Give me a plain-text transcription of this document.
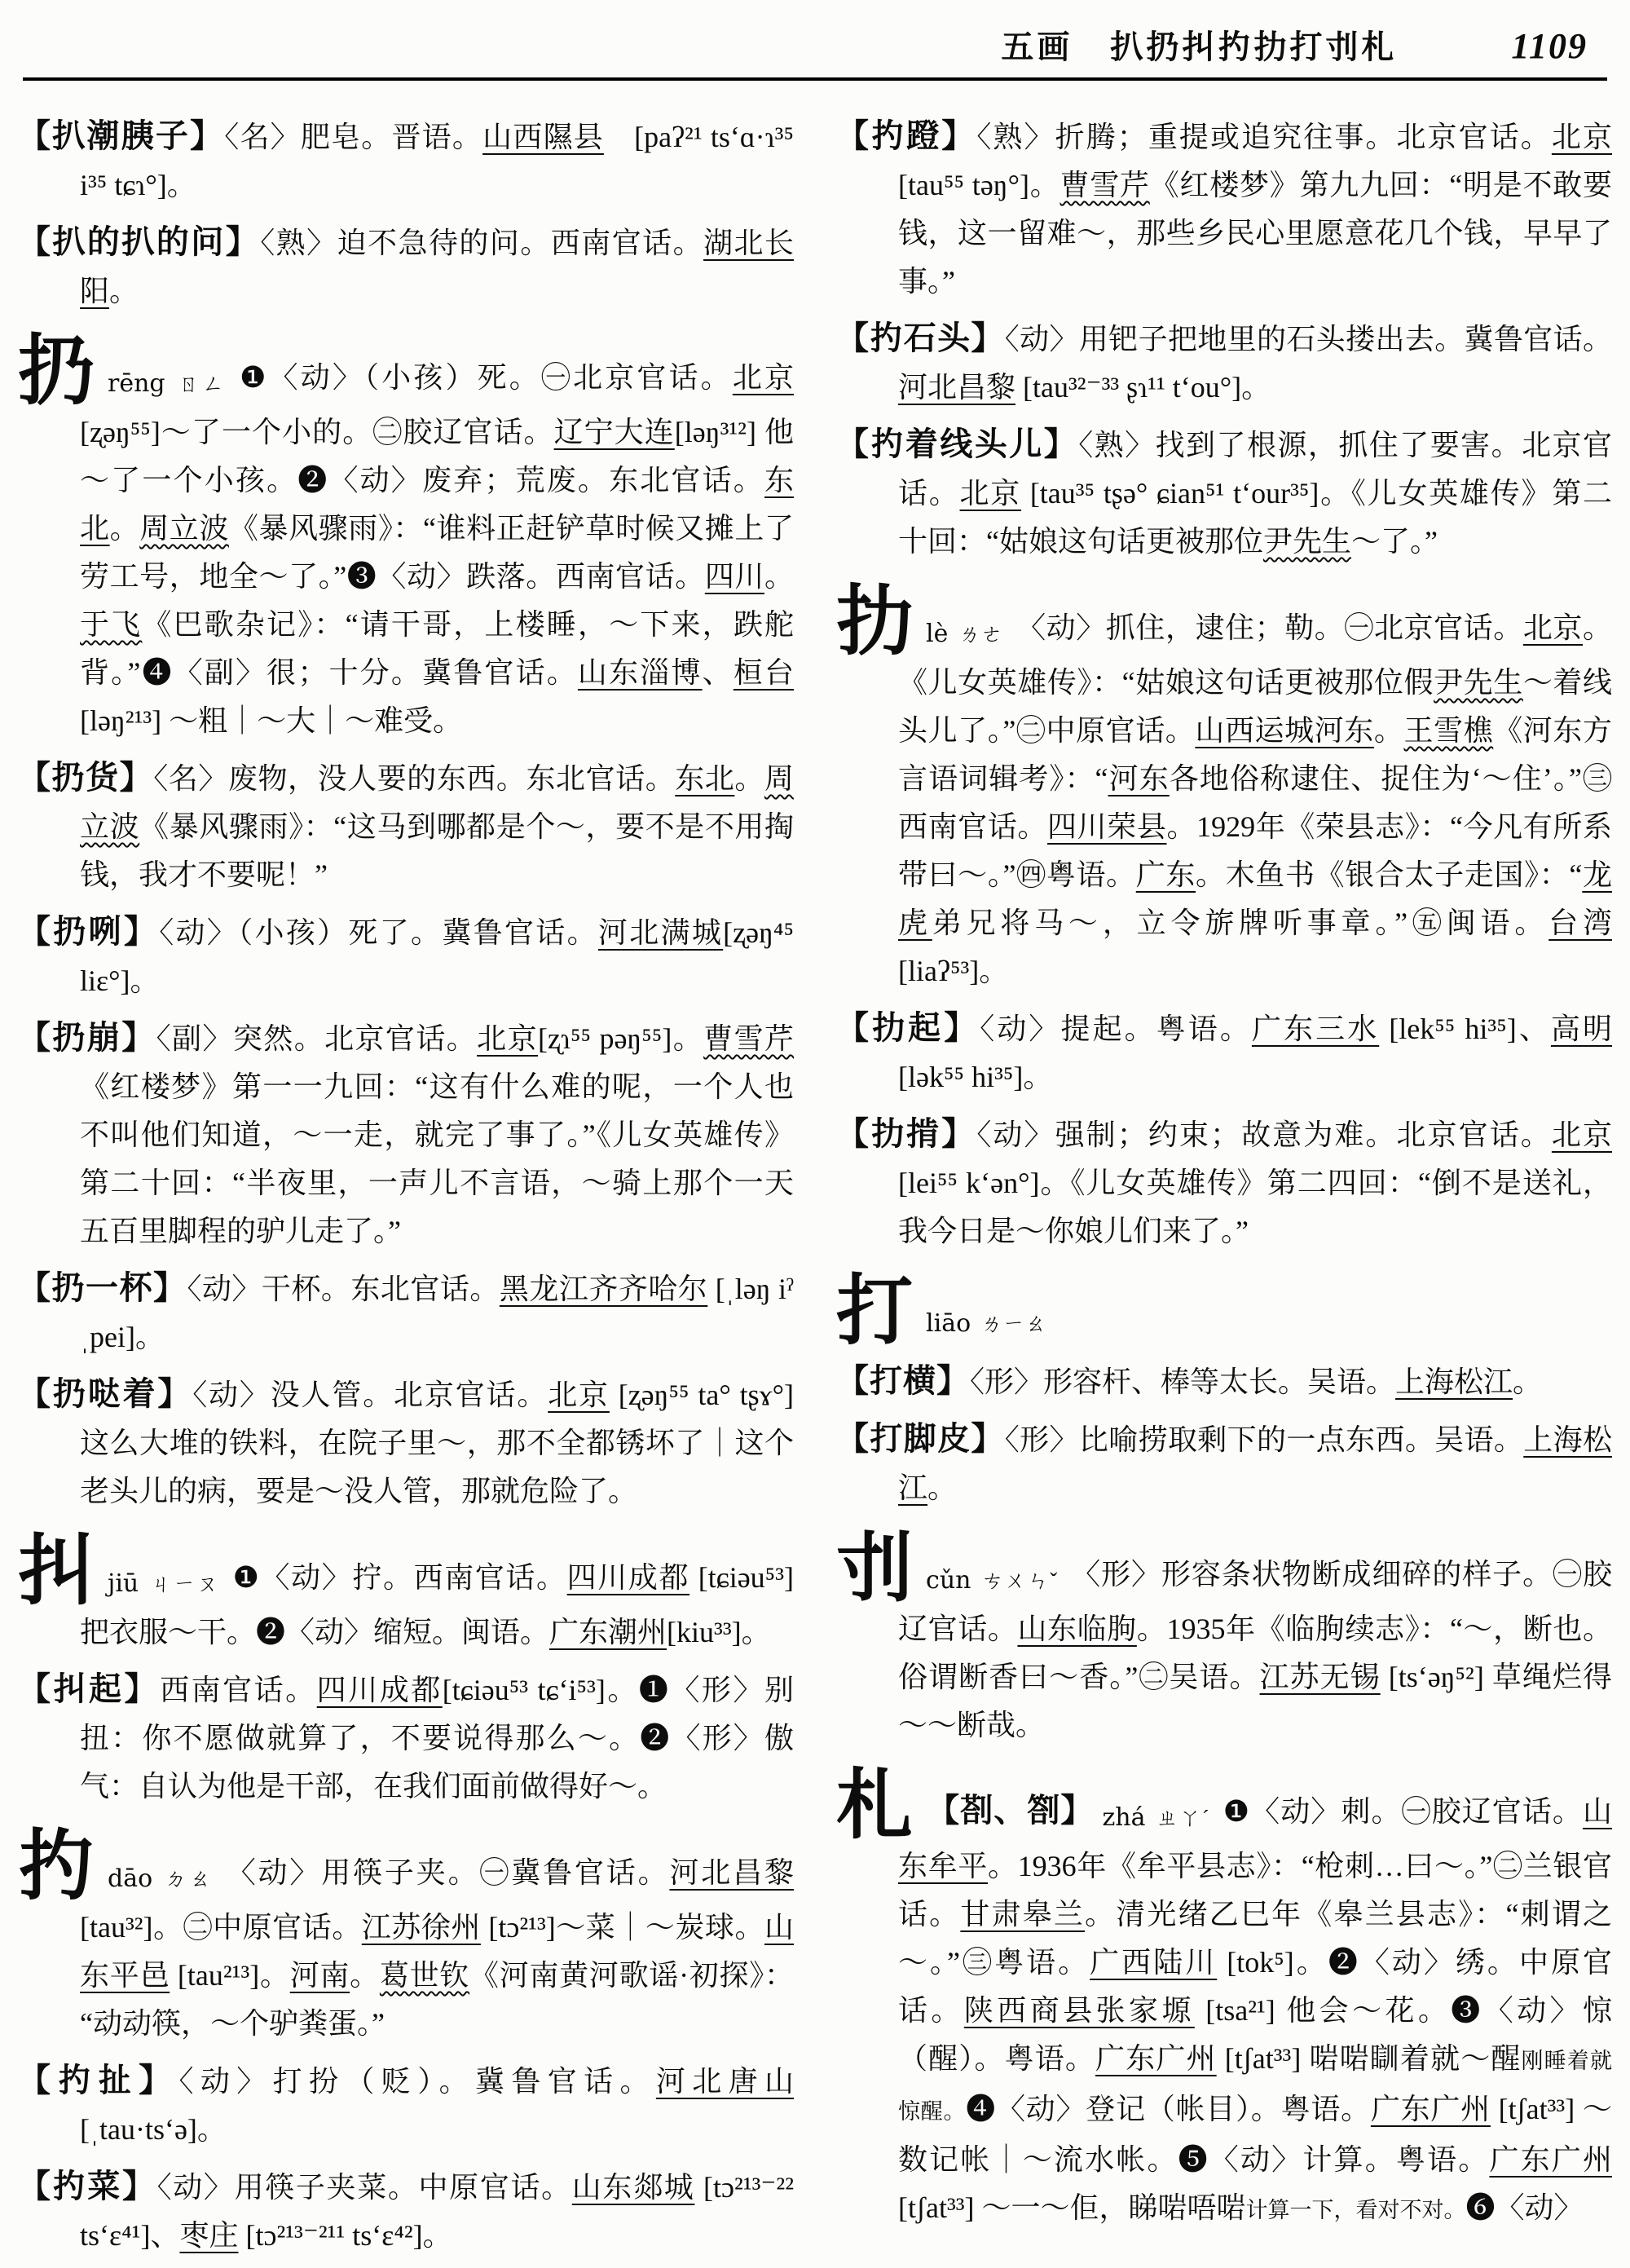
五画 扒扔㧃扚扐打刌札	1109
【扒潮胰子】〈名〉肥皂。晋语。山西隰县　[paʔ²¹ tsʻɑ·ɿ³⁵ i³⁵ tɕɿ°]。
【扒的扒的问】〈熟〉迫不急待的问。西南官话。湖北长阳。
扔rēng ㄖㄥ ❶〈动〉（小孩）死。㊀北京官话。北京 [ʐəŋ⁵⁵]～了一个小的。㊁胶辽官话。辽宁大连[ləŋ³¹²] 他～了一个小孩。❷〈动〉废弃；荒废。东北官话。东北。周立波《暴风骤雨》：“谁料正赶铲草时候又摊上了劳工号，地全～了。”❸〈动〉跌落。西南官话。四川。于飞《巴歌杂记》：“请干哥，上楼睡，～下来，跌舵背。”❹〈副〉很；十分。冀鲁官话。山东淄博、桓台 [ləŋ²¹³] ～粗｜～大｜～难受。
【扔货】〈名〉废物，没人要的东西。东北官话。东北。周立波《暴风骤雨》：“这马到哪都是个～，要不是不用掏钱，我才不要呢！”
【扔咧】〈动〉（小孩）死了。冀鲁官话。河北满城[ʐəŋ⁴⁵ liɛ°]。
【扔崩】〈副〉突然。北京官话。北京[ʐɿ⁵⁵ pəŋ⁵⁵]。曹雪芹《红楼梦》第一一九回：“这有什么难的呢，一个人也不叫他们知道，～一走，就完了事了。”《儿女英雄传》第二十回：“半夜里，一声儿不言语，～骑上那个一天五百里脚程的驴儿走了。”
【扔一杯】〈动〉干杯。东北官话。黑龙江齐齐哈尔 [ˌləŋ iˀ ˌpei]。
【扔哒着】〈动〉没人管。北京官话。北京 [ʐəŋ⁵⁵ ta° tʂɤ°] 这么大堆的铁料，在院子里～，那不全都锈坏了｜这个老头儿的病，要是～没人管，那就危险了。
㧃jiū ㄐㄧㄡ ❶〈动〉拧。西南官话。四川成都 [tɕiəu⁵³] 把衣服～干。❷〈动〉缩短。闽语。广东潮州[kiu³³]。
【㧃起】西南官话。四川成都[tɕiəu⁵³ tɕʻi⁵³]。❶〈形〉别扭：你不愿做就算了，不要说得那么～。❷〈形〉傲气：自认为他是干部，在我们面前做得好～。
扚dāo ㄉㄠ 〈动〉用筷子夹。㊀冀鲁官话。河北昌黎 [tau³²]。㊁中原官话。江苏徐州 [tɔ²¹³]～菜｜～炭球。山东平邑 [tau²¹³]。河南。葛世钦《河南黄河歌谣·初探》：“动动筷，～个驴粪蛋。”
【扚扯】〈动〉打扮（贬）。冀鲁官话。河北唐山 [ˌtau·tsʻə]。
【扚菜】〈动〉用筷子夹菜。中原官话。山东郯城 [tɔ²¹³⁻²² tsʻɛ⁴¹]、枣庄 [tɔ²¹³⁻²¹¹ tsʻɛ⁴²]。
【扚蹬】〈熟〉折腾；重提或追究往事。北京官话。北京 [tau⁵⁵ təŋ°]。曹雪芹《红楼梦》第九九回：“明是不敢要钱，这一留难～，那些乡民心里愿意花几个钱，早早了事。”
【扚石头】〈动〉用钯子把地里的石头搂出去。冀鲁官话。河北昌黎 [tau³²⁻³³ ʂɿ¹¹ tʻou°]。
【扚着线头儿】〈熟〉找到了根源，抓住了要害。北京官话。北京 [tau³⁵ tʂə° ɕian⁵¹ tʻour³⁵]。《儿女英雄传》第二十回：“姑娘这句话更被那位尹先生～了。”
扐lè ㄌㄜ 〈动〉抓住，逮住；勒。㊀北京官话。北京。《儿女英雄传》：“姑娘这句话更被那位假尹先生～着线头儿了。”㊁中原官话。山西运城河东。王雪樵《河东方言语词辑考》：“河东各地俗称逮住、捉住为‘～住’。”㊂西南官话。四川荣县。1929年《荣县志》：“今凡有所系带曰～。”㊃粤语。广东。木鱼书《银合太子走国》：“龙虎弟兄将马～，立令旂牌听事章。”㊄闽语。台湾 [liaʔ⁵³]。
【扐起】〈动〉提起。粤语。广东三水 [lek⁵⁵ hi³⁵]、高明 [lək⁵⁵ hi³⁵]。
【扐掯】〈动〉强制；约束；故意为难。北京官话。北京 [lei⁵⁵ kʻən°]。《儿女英雄传》第二四回：“倒不是送礼，我今日是～你娘儿们来了。”
打liāo ㄌㄧㄠ
【打横】〈形〉形容杆、棒等太长。吴语。上海松江。
【打脚皮】〈形〉比喻捞取剩下的一点东西。吴语。上海松江。
刌cǔn ㄘㄨㄣˇ 〈形〉形容条状物断成细碎的样子。㊀胶辽官话。山东临朐。1935年《临朐续志》：“～，断也。俗谓断香曰～香。”㊁吴语。江苏无锡 [tsʻəŋ⁵²] 草绳烂得～～断哉。
札 【剳、劄】 zhá ㄓㄚˊ ❶〈动〉刺。㊀胶辽官话。山东牟平。1936年《牟平县志》：“枪刺…曰～。”㊁兰银官话。甘肃皋兰。清光绪乙巳年《皋兰县志》：“刺谓之～。”㊂粤语。广西陆川 [tok⁵]。❷〈动〉绣。中原官话。陕西商县张家塬 [tsa²¹] 他会～花。❸〈动〉惊（醒）。粤语。广东广州 [tʃat³³] 啱啱瞓着就～醒刚睡着就惊醒。❹〈动〉登记（帐目）。粤语。广东广州 [tʃat³³] ～数记帐｜～流水帐。❺〈动〉计算。粤语。广东广州[tʃat³³] ～一～佢，睇啱唔啱计算一下，看对不对。❻〈动〉
